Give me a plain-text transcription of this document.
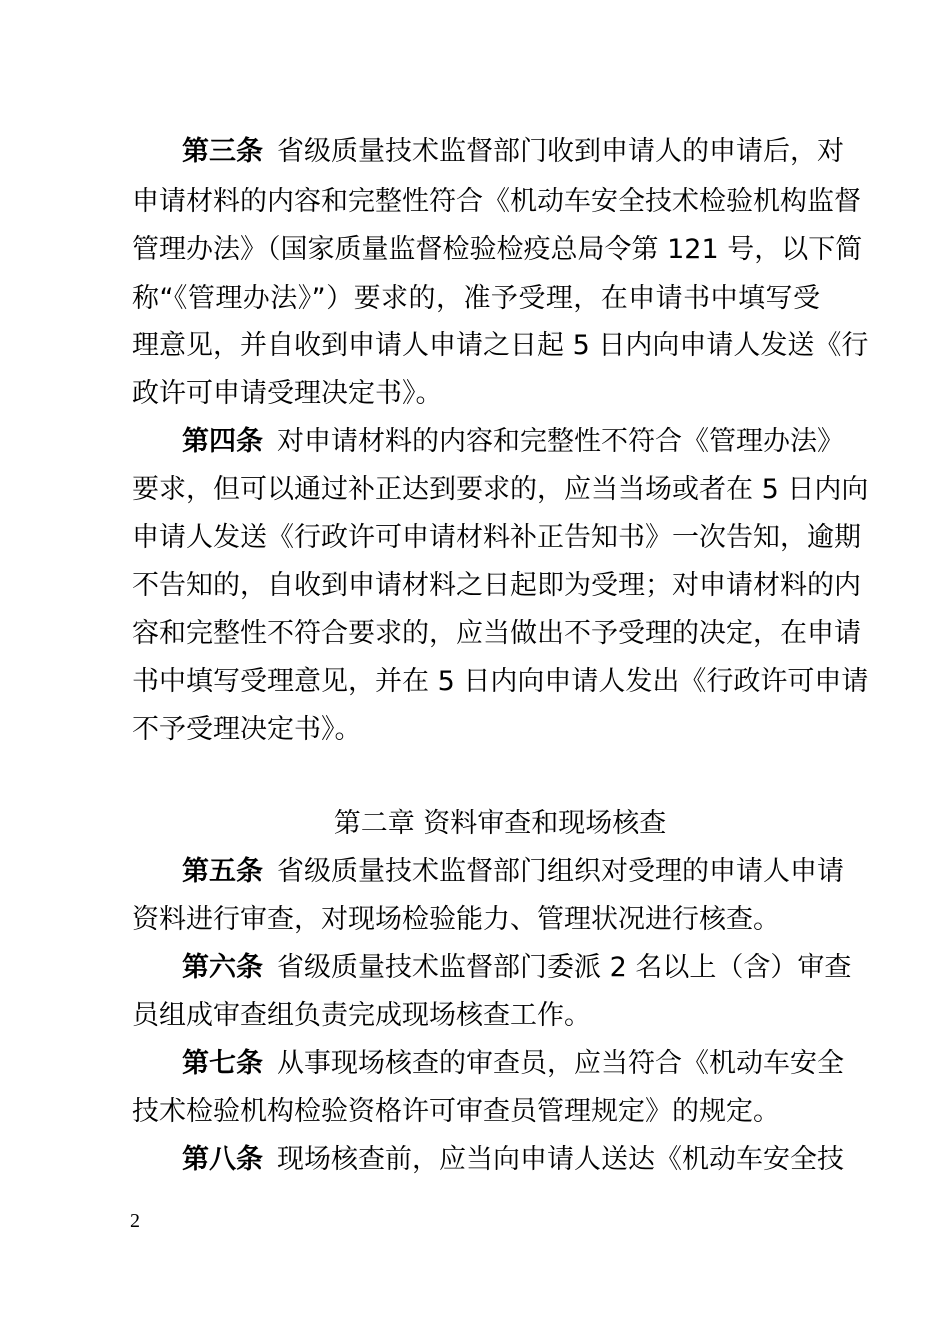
第三条 省级质量技术监督部门收到申请人的申请后，对
申请材料的内容和完整性符合《机动车安全技术检验机构监督
管理办法》（国家质量监督检验检疫总局令第 121 号，以下简
称“《管理办法》”）要求的，准予受理，在申请书中填写受
理意见，并自收到申请人申请之日起 5 日内向申请人发送《行
政许可申请受理决定书》。
第四条 对申请材料的内容和完整性不符合《管理办法》
要求，但可以通过补正达到要求的，应当当场或者在 5 日内向
申请人发送《行政许可申请材料补正告知书》一次告知，逾期
不告知的，自收到申请材料之日起即为受理；对申请材料的内
容和完整性不符合要求的，应当做出不予受理的决定，在申请
书中填写受理意见，并在 5 日内向申请人发出《行政许可申请
不予受理决定书》。
第二章 资料审查和现场核查
第五条 省级质量技术监督部门组织对受理的申请人申请
资料进行审查，对现场检验能力、管理状况进行核查。
第六条 省级质量技术监督部门委派 2 名以上（含）审查
员组成审查组负责完成现场核查工作。
第七条 从事现场核查的审查员，应当符合《机动车安全
技术检验机构检验资格许可审查员管理规定》的规定。
第八条 现场核查前，应当向申请人送达《机动车安全技
2
